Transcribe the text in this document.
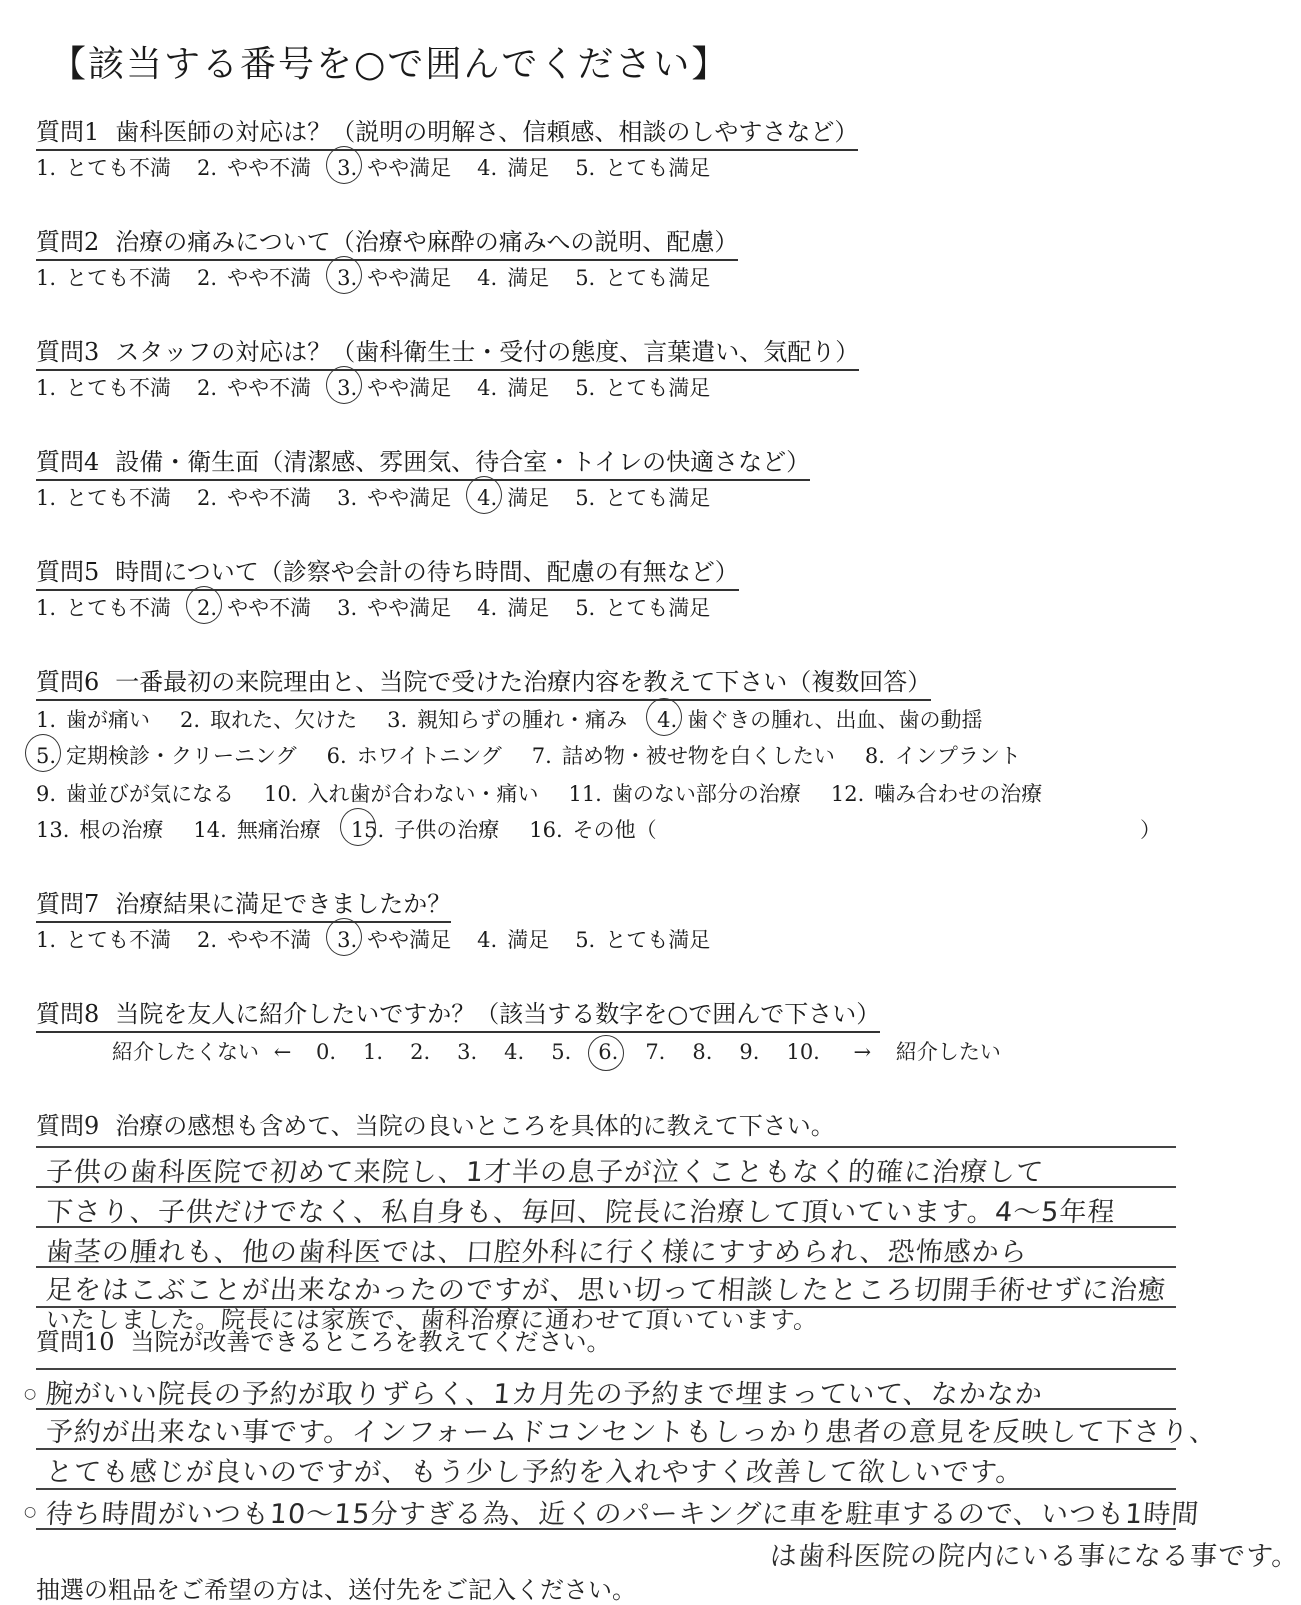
【該当する番号を○で囲んでください】
質問1 歯科医師の対応は？（説明の明解さ、信頼感、相談のしやすさなど）
1. とても不満 2. やや不満 3. やや満足 4. 満足 5. とても満足
質問2 治療の痛みについて（治療や麻酔の痛みへの説明、配慮）
1. とても不満 2. やや不満 3. やや満足 4. 満足 5. とても満足
質問3 スタッフの対応は？（歯科衛生士・受付の態度、言葉遣い、気配り）
1. とても不満 2. やや不満 3. やや満足 4. 満足 5. とても満足
質問4 設備・衛生面（清潔感、雰囲気、待合室・トイレの快適さなど）
1. とても不満 2. やや不満 3. やや満足 4. 満足 5. とても満足
質問5 時間について（診察や会計の待ち時間、配慮の有無など）
1. とても不満 2. やや不満 3. やや満足 4. 満足 5. とても満足
質問6 一番最初の来院理由と、当院で受けた治療内容を教えて下さい（複数回答）
1. 歯が痛い 2. 取れた、欠けた 3. 親知らずの腫れ・痛み 4. 歯ぐきの腫れ、出血、歯の動揺
5. 定期検診・クリーニング 6. ホワイトニング 7. 詰め物・被せ物を白くしたい 8. インプラント
9. 歯並びが気になる 10. 入れ歯が合わない・痛い 11. 歯のない部分の治療 12. 噛み合わせの治療
13. 根の治療 14. 無痛治療 15. 子供の治療 16. その他（	）
質問7 治療結果に満足できましたか？
1. とても不満 2. やや不満 3. やや満足 4. 満足 5. とても満足
質問8 当院を友人に紹介したいですか？（該当する数字を○で囲んで下さい）
紹介したくない ← 0. 1. 2. 3. 4. 5. 6. 7. 8. 9. 10. → 紹介したい
質問9 治療の感想も含めて、当院の良いところを具体的に教えて下さい。
子供の歯科医院で初めて来院し、1才半の息子が泣くこともなく的確に治療して
下さり、子供だけでなく、私自身も、毎回、院長に治療して頂いています。4～5年程
歯茎の腫れも、他の歯科医では、口腔外科に行く様にすすめられ、恐怖感から
足をはこぶことが出来なかったのですが、思い切って相談したところ切開手術せずに治癒
いたしました。院長には家族で、歯科治療に通わせて頂いています。
質問10 当院が改善できるところを教えてください。
○
○
腕がいい院長の予約が取りずらく、1カ月先の予約まで埋まっていて、なかなか
予約が出来ない事です。インフォームドコンセントもしっかり患者の意見を反映して下さり、
とても感じが良いのですが、もう少し予約を入れやすく改善して欲しいです。
待ち時間がいつも10～15分すぎる為、近くのパーキングに車を駐車するので、いつも1時間
は歯科医院の院内にいる事になる事です。
抽選の粗品をご希望の方は、送付先をご記入ください。
